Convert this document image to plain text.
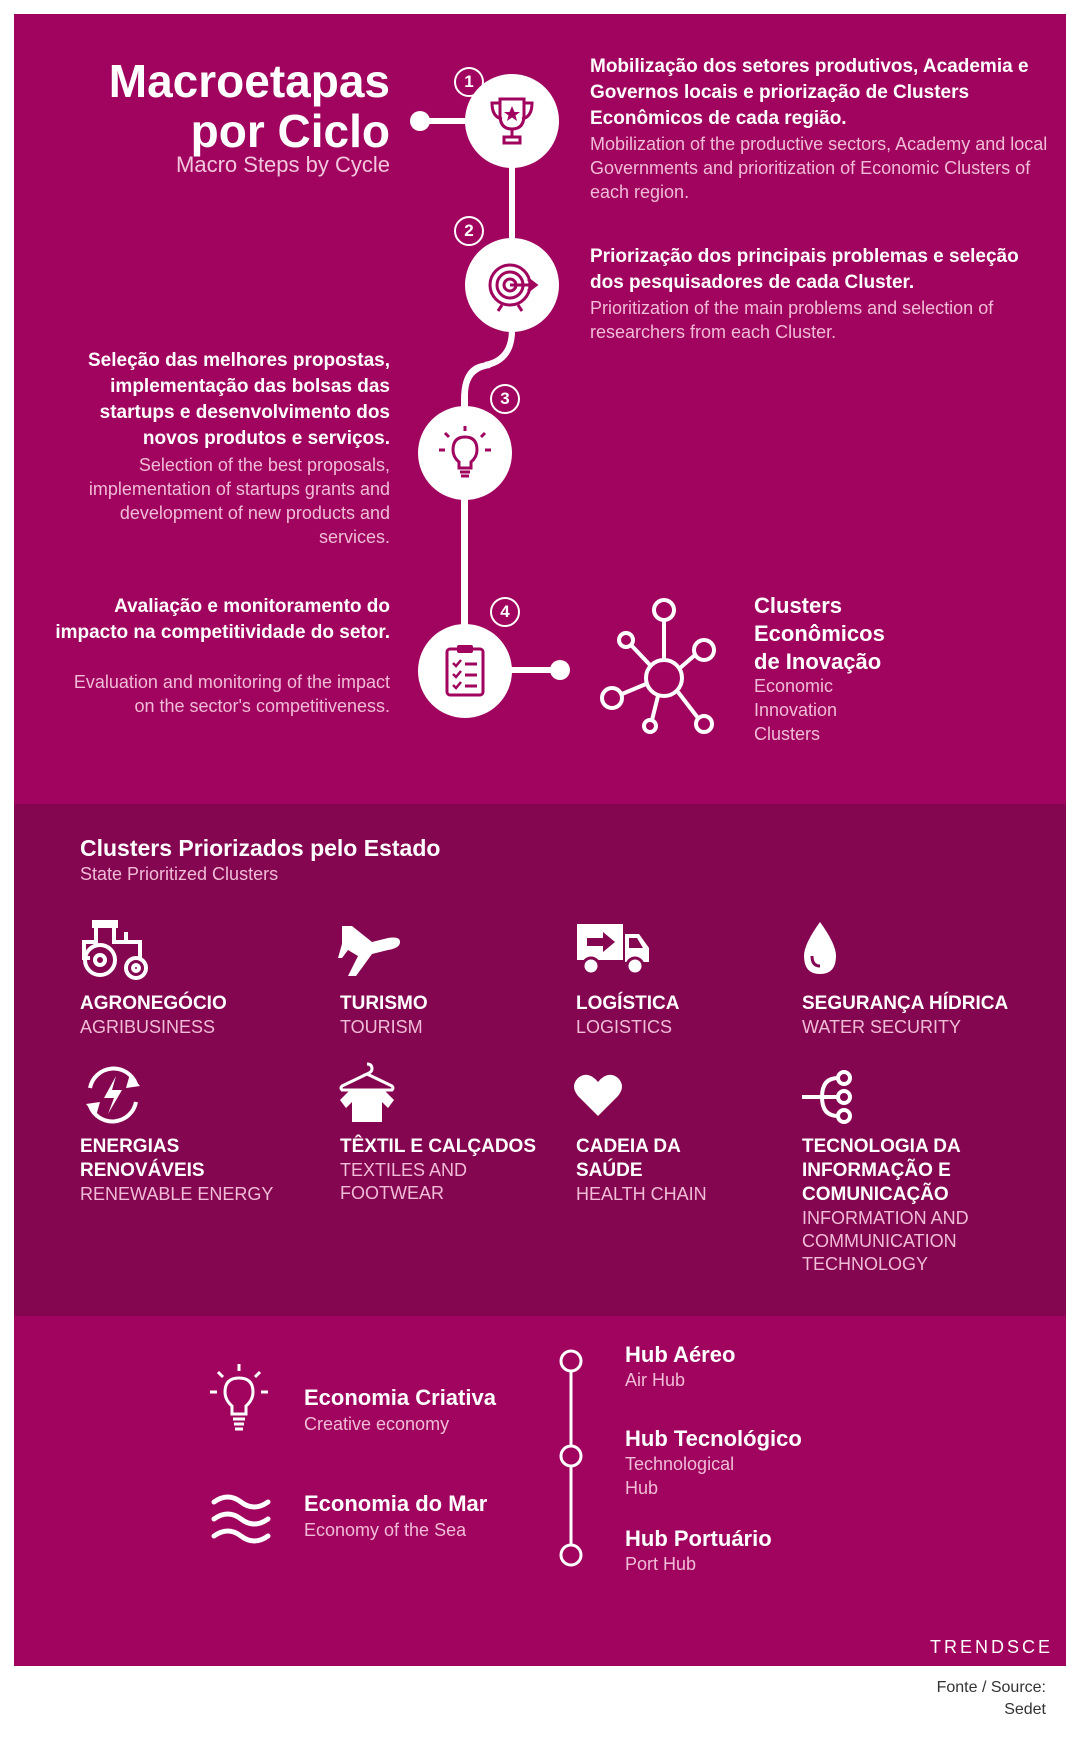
Macroetapas
por Ciclo
Macro Steps by Cycle
1
Mobilização dos setores produtivos, Academia e Governos locais e priorização de Clusters Econômicos de cada região.
Mobilization of the productive sectors, Academy and local Governments and prioritization of Economic Clusters of each region.
2
Priorização dos principais problemas e seleção dos pesquisadores de cada Cluster.
Prioritization of the main problems and selection of researchers from each Cluster.
3
Seleção das melhores propostas, implementação das bolsas das startups e desenvolvimento dos novos produtos e serviços.
Selection of the best proposals, implementation of startups grants and development of new products and services.
4
Avaliação e monitoramento do impacto na competitividade do setor.
Evaluation and monitoring of the impact on the sector's competitiveness.
Clusters
Econômicos
de Inovação
Economic
Innovation
Clusters
Clusters Priorizados pelo Estado
State Prioritized Clusters
AGRONEGÓCIO
AGRIBUSINESS
TURISMO
TOURISM
LOGÍSTICA
LOGISTICS
SEGURANÇA HÍDRICA
WATER SECURITY
ENERGIAS RENOVÁVEIS
RENEWABLE ENERGY
TÊXTIL E CALÇADOS
TEXTILES AND FOOTWEAR
CADEIA DA SAÚDE
HEALTH CHAIN
TECNOLOGIA DA INFORMAÇÃO E COMUNICAÇÃO
INFORMATION AND COMMUNICATION TECHNOLOGY
Economia Criativa
Creative economy
Economia do Mar
Economy of the Sea
Hub Aéreo
Air Hub
Hub Tecnológico
Technological Hub
Hub Portuário
Port Hub
TRENDSCE
Fonte / Source:
Sedet
